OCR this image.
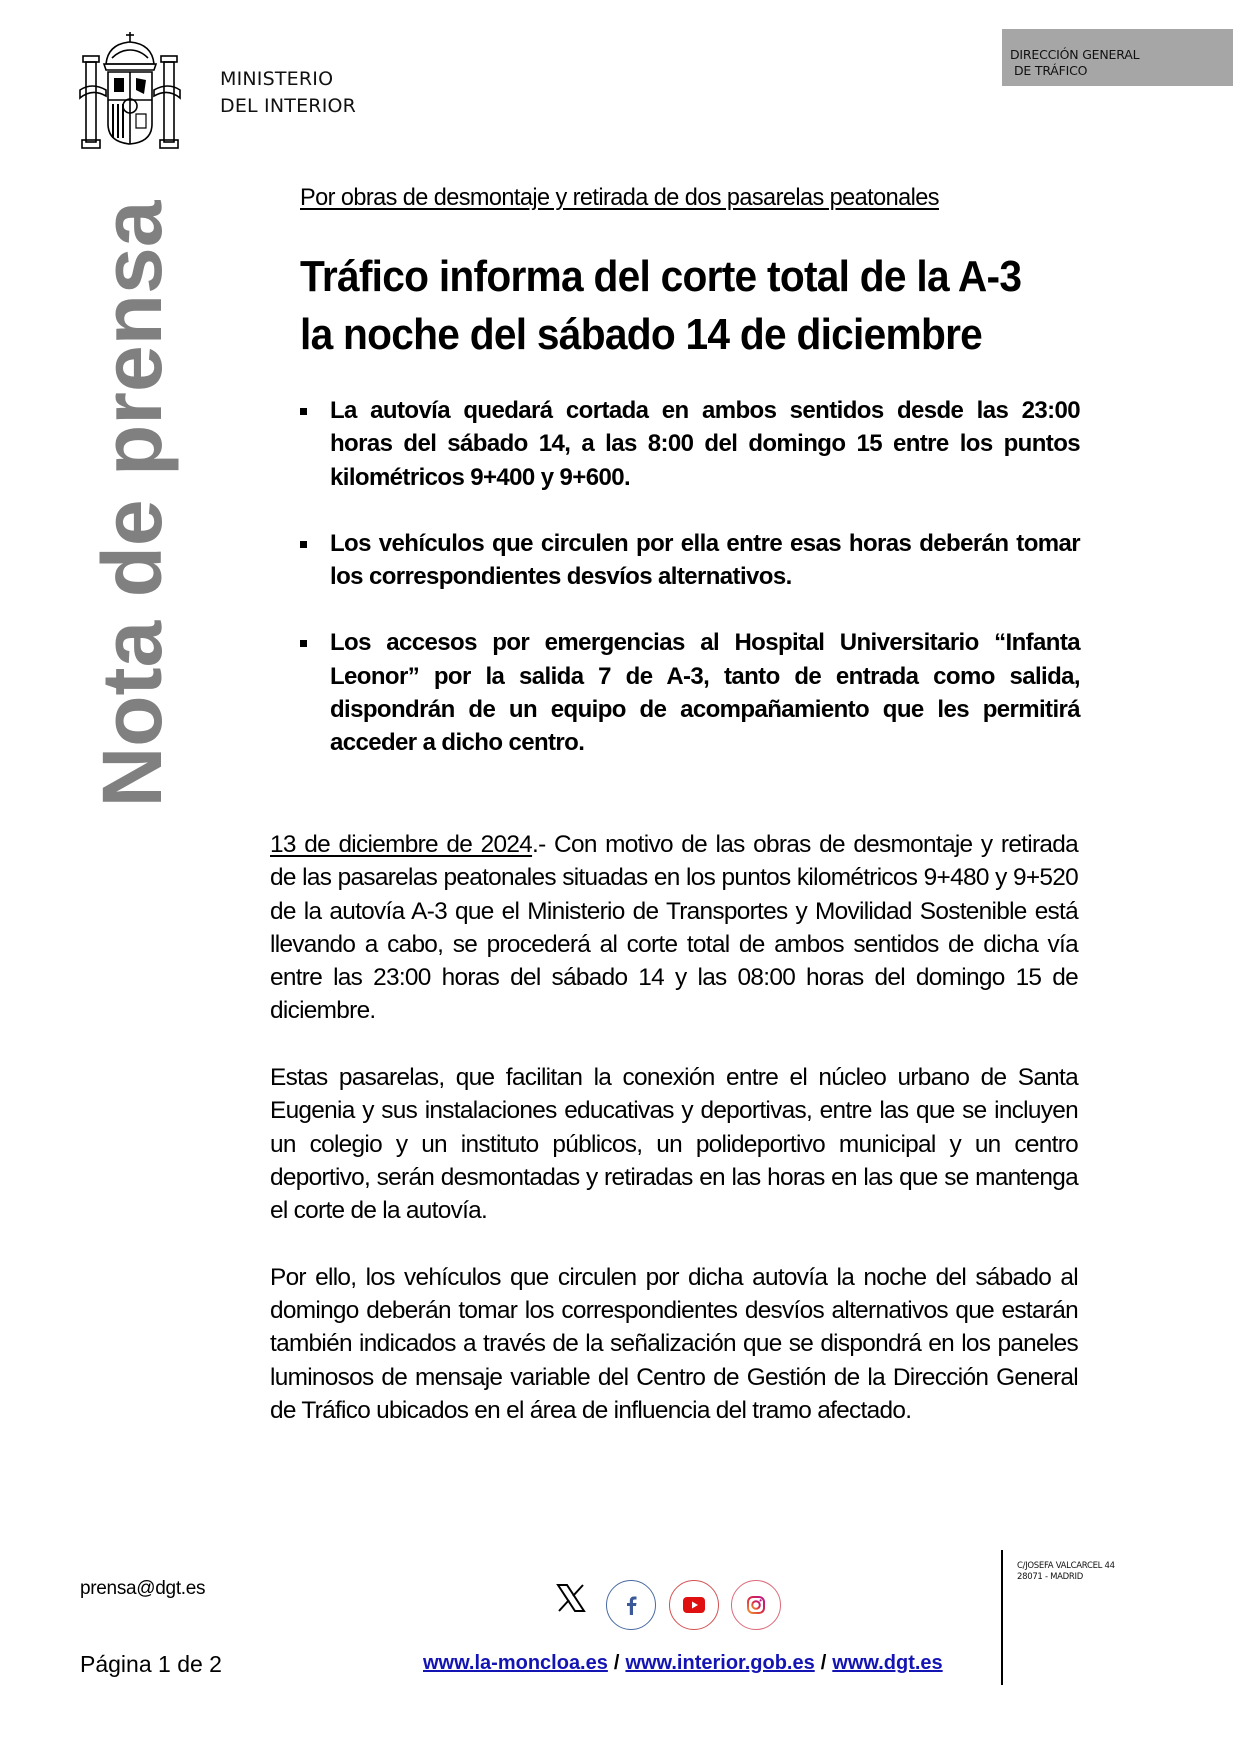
MINISTERIO
DEL INTERIOR
DIRECCIÓN GENERAL
DE TRÁFICO
Nota de prensa
Por obras de desmontaje y retirada de dos pasarelas peatonales
Tráfico informa del corte total de la A-3
la noche del sábado 14 de diciembre
La autovía quedará cortada en ambos sentidos desde las 23:00 horas del sábado 14, a las 8:00 del domingo 15 entre los puntos kilométricos 9+400 y 9+600.
Los vehículos que circulen por ella entre esas horas deberán tomar los correspondientes desvíos alternativos.
Los accesos por emergencias al Hospital Universitario “Infanta Leonor” por la salida 7 de A-3, tanto de entrada como salida, dispondrán de un equipo de acompañamiento que les permitirá acceder a dicho centro.

13 de diciembre de 2024.- Con motivo de las obras de desmontaje y retirada de las pasarelas peatonales situadas en los puntos kilométricos 9+480 y 9+520 de la autovía A-3 que el Ministerio de Transportes y Movilidad Sostenible está llevando a cabo, se procederá al corte total de ambos sentidos de dicha vía entre las 23:00 horas del sábado 14 y las 08:00 horas del domingo 15 de diciembre.

Estas pasarelas, que facilitan la conexión entre el núcleo urbano de Santa Eugenia y sus instalaciones educativas y deportivas, entre las que se incluyen un colegio y un instituto públicos, un polideportivo municipal y un centro deportivo, serán desmontadas y retiradas en las horas en las que se mantenga el corte de la autovía.

Por ello, los vehículos que circulen por dicha autovía la noche del sábado al domingo deberán tomar los correspondientes desvíos alternativos que estarán también indicados a través de la señalización que se dispondrá en los paneles luminosos de mensaje variable del Centro de Gestión de la Dirección General de Tráfico ubicados en el área de influencia del tramo afectado.

prensa@dgt.es
Página 1 de 2	www.la-moncloa.es / www.interior.gob.es / www.dgt.es
C/JOSEFA VALCARCEL 44
28071 - MADRID
